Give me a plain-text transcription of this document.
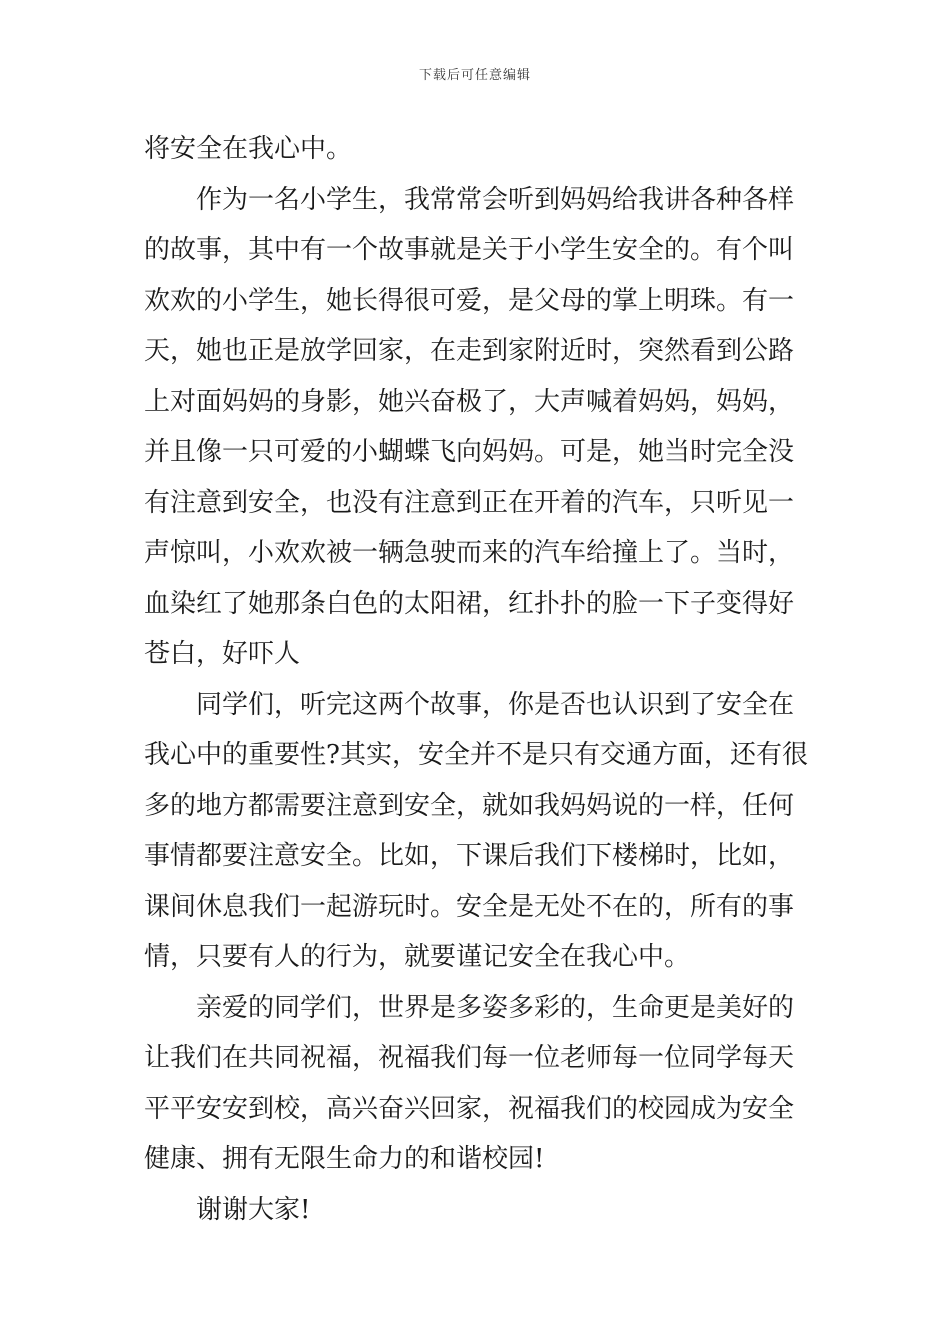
下载后可任意编辑
将安全在我心中。
作为一名小学生，我常常会听到妈妈给我讲各种各样
的故事，其中有一个故事就是关于小学生安全的。有个叫
欢欢的小学生，她长得很可爱，是父母的掌上明珠。有一
天，她也正是放学回家，在走到家附近时，突然看到公路
上对面妈妈的身影，她兴奋极了，大声喊着妈妈，妈妈，
并且像一只可爱的小蝴蝶飞向妈妈。可是，她当时完全没
有注意到安全，也没有注意到正在开着的汽车，只听见一
声惊叫，小欢欢被一辆急驶而来的汽车给撞上了。当时，
血染红了她那条白色的太阳裙，红扑扑的脸一下子变得好
苍白，好吓人
同学们，听完这两个故事，你是否也认识到了安全在
我心中的重要性?其实，安全并不是只有交通方面，还有很
多的地方都需要注意到安全，就如我妈妈说的一样，任何
事情都要注意安全。比如，下课后我们下楼梯时，比如，
课间休息我们一起游玩时。安全是无处不在的，所有的事
情，只要有人的行为，就要谨记安全在我心中。
亲爱的同学们，世界是多姿多彩的，生命更是美好的
让我们在共同祝福，祝福我们每一位老师每一位同学每天
平平安安到校，高兴奋兴回家，祝福我们的校园成为安全
健康、拥有无限生命力的和谐校园!
谢谢大家!
